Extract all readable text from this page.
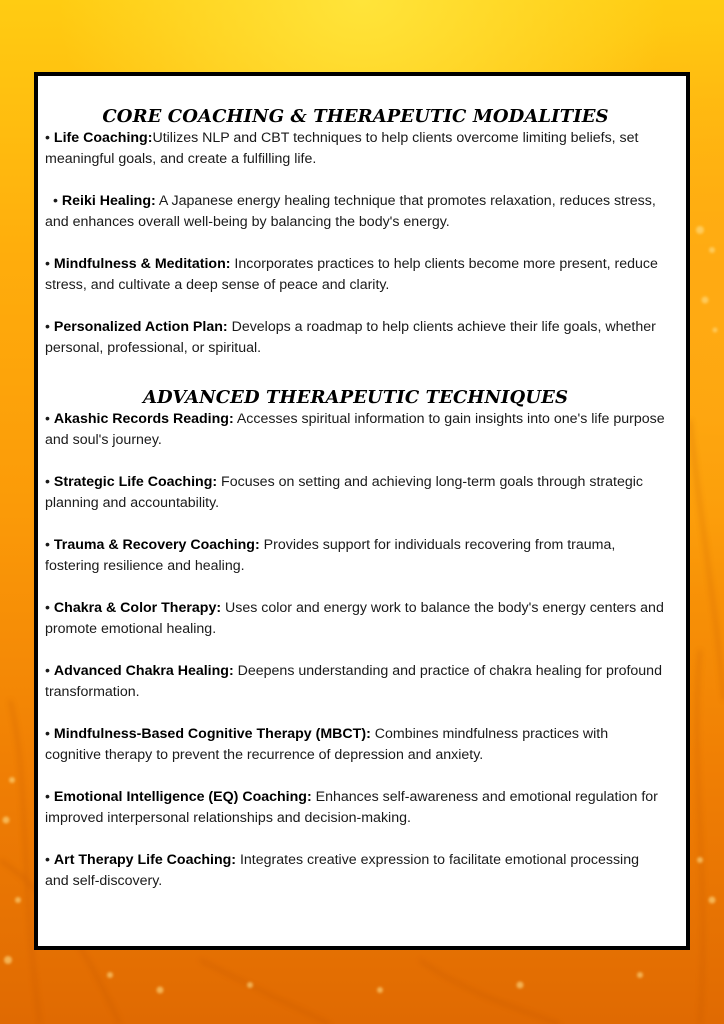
CORE COACHING & THERAPEUTIC MODALITIES

• Life Coaching:Utilizes NLP and CBT techniques to help clients overcome limiting beliefs, set meaningful goals, and create a fulfilling life.

• Reiki Healing: A Japanese energy healing technique that promotes relaxation, reduces stress, and enhances overall well-being by balancing the body's energy.

• Mindfulness & Meditation: Incorporates practices to help clients become more present, reduce stress, and cultivate a deep sense of peace and clarity.

• Personalized Action Plan: Develops a roadmap to help clients achieve their life goals, whether personal, professional, or spiritual.

ADVANCED THERAPEUTIC TECHNIQUES

• Akashic Records Reading: Accesses spiritual information to gain insights into one's life purpose and soul's journey.

• Strategic Life Coaching: Focuses on setting and achieving long-term goals through strategic planning and accountability.

• Trauma & Recovery Coaching: Provides support for individuals recovering from trauma, fostering resilience and healing.

• Chakra & Color Therapy: Uses color and energy work to balance the body's energy centers and promote emotional healing.

• Advanced Chakra Healing: Deepens understanding and practice of chakra healing for profound transformation.

• Mindfulness-Based Cognitive Therapy (MBCT): Combines mindfulness practices with cognitive therapy to prevent the recurrence of depression and anxiety.

• Emotional Intelligence (EQ) Coaching: Enhances self-awareness and emotional regulation for improved interpersonal relationships and decision-making.

• Art Therapy Life Coaching: Integrates creative expression to facilitate emotional processing and self-discovery.
